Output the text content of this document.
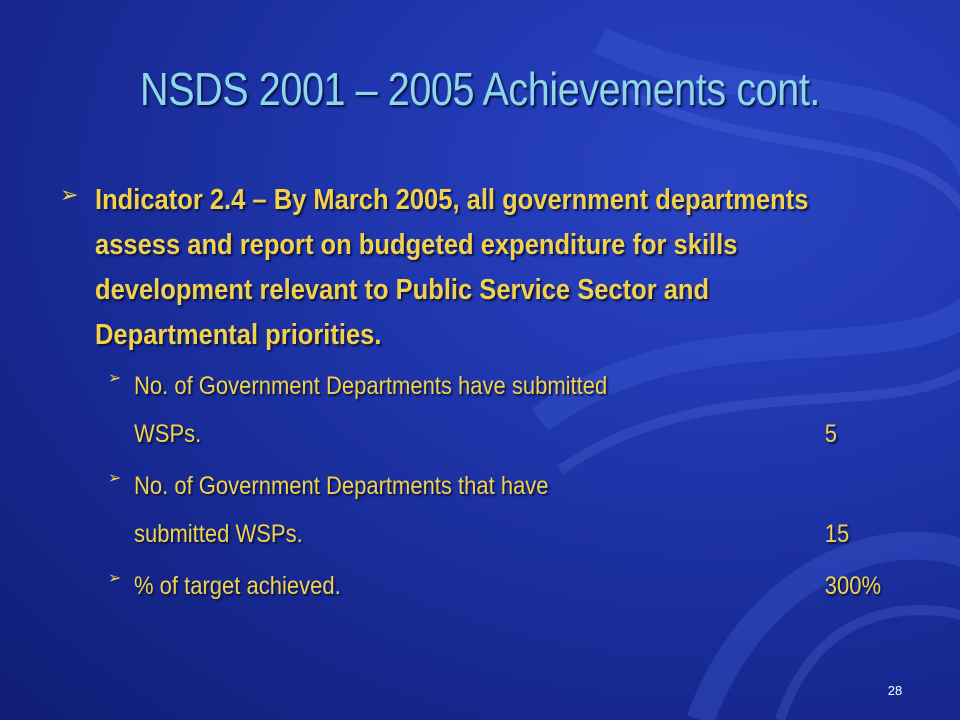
NSDS 2001 – 2005 Achievements cont.
➢ Indicator 2.4 – By March 2005, all government departments assess and report on budgeted expenditure for skills development relevant to Public Service Sector and Departmental priorities.
➢ No. of Government Departments have submitted
WSPs.	5
➢ No. of Government Departments that have
submitted WSPs.	15
➢ % of target achieved.	300%
28
